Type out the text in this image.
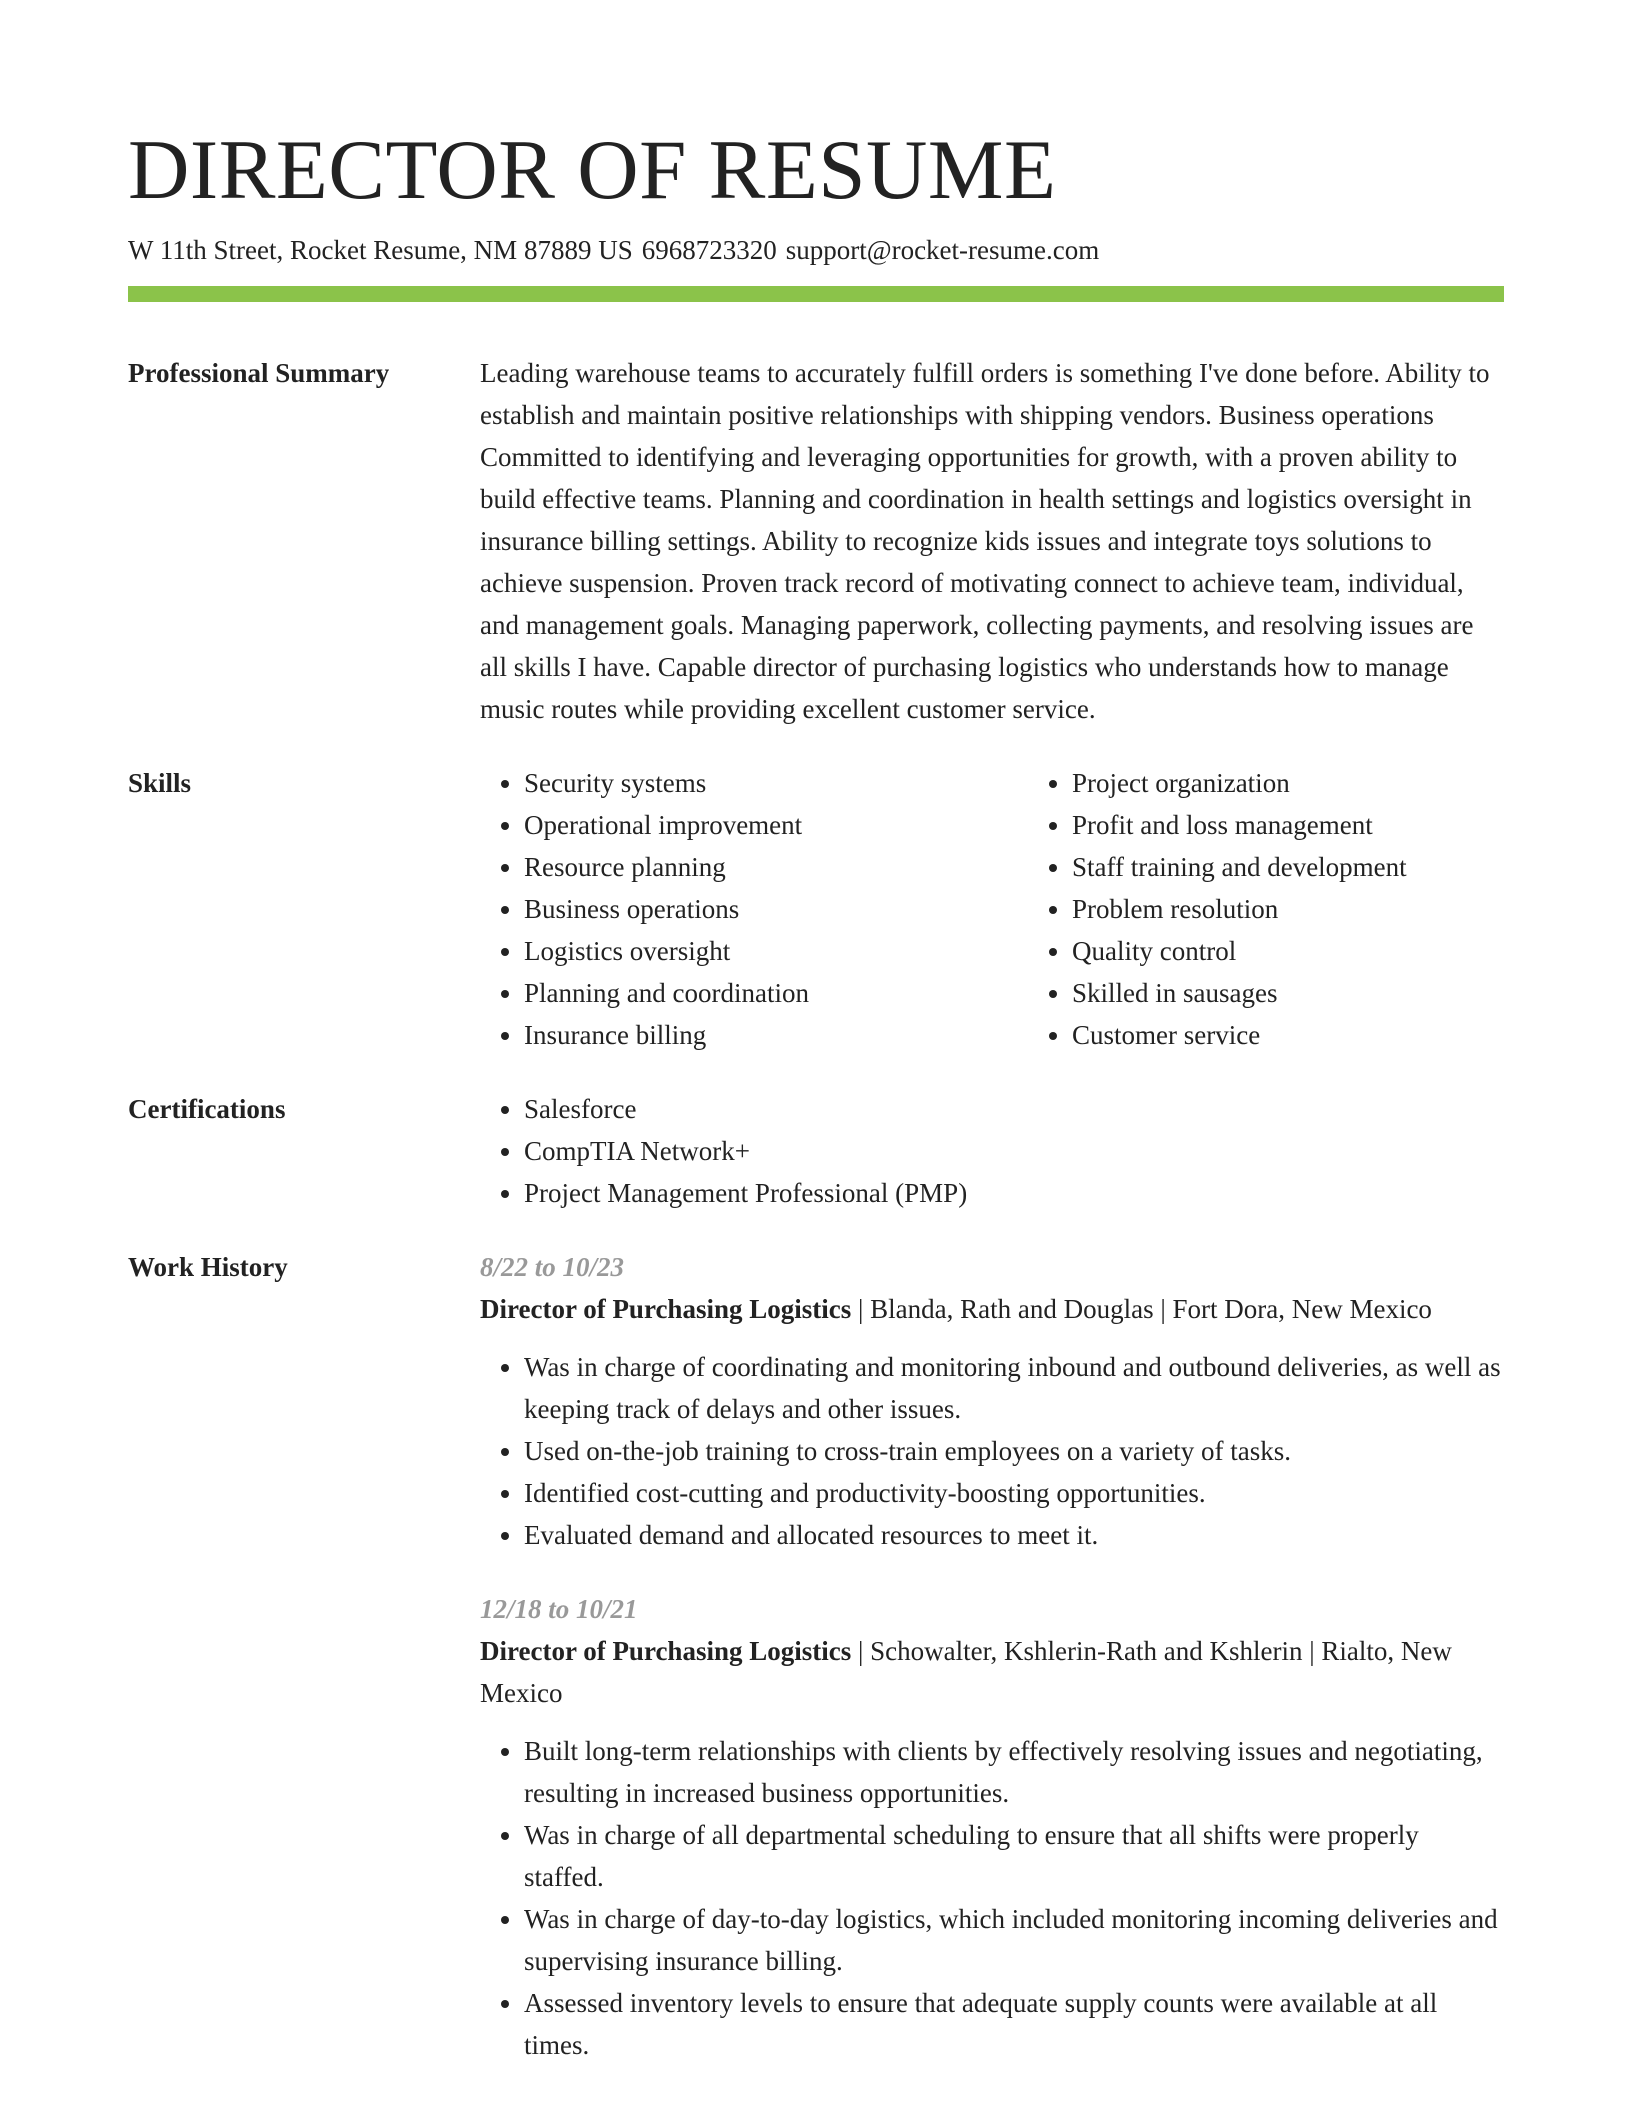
DIRECTOR OF RESUME
W 11th Street, Rocket Resume, NM 87889 US 6968723320 support@rocket-resume.com
Professional Summary	Leading warehouse teams to accurately fulfill orders is something I've done before. Ability to establish and maintain positive relationships with shipping vendors. Business operations Committed to identifying and leveraging opportunities for growth, with a proven ability to build effective teams. Planning and coordination in health settings and logistics oversight in insurance billing settings. Ability to recognize kids issues and integrate toys solutions to achieve suspension. Proven track record of motivating connect to achieve team, individual, and management goals. Managing paperwork, collecting payments, and resolving issues are all skills I have. Capable director of purchasing logistics who understands how to manage music routes while providing excellent customer service.
Skills	• Security systems
• Operational improvement
• Resource planning
• Business operations
• Logistics oversight
• Planning and coordination
• Insurance billing
• Project organization
• Profit and loss management
• Staff training and development
• Problem resolution
• Quality control
• Skilled in sausages
• Customer service
Certifications	• Salesforce
• CompTIA Network+
• Project Management Professional (PMP)
Work History	8/22 to 10/23
Director of Purchasing Logistics | Blanda, Rath and Douglas | Fort Dora, New Mexico
• Was in charge of coordinating and monitoring inbound and outbound deliveries, as well as keeping track of delays and other issues.
• Used on-the-job training to cross-train employees on a variety of tasks.
• Identified cost-cutting and productivity-boosting opportunities.
• Evaluated demand and allocated resources to meet it.
12/18 to 10/21
Director of Purchasing Logistics | Schowalter, Kshlerin-Rath and Kshlerin | Rialto, New Mexico
• Built long-term relationships with clients by effectively resolving issues and negotiating, resulting in increased business opportunities.
• Was in charge of all departmental scheduling to ensure that all shifts were properly staffed.
• Was in charge of day-to-day logistics, which included monitoring incoming deliveries and supervising insurance billing.
• Assessed inventory levels to ensure that adequate supply counts were available at all times.
